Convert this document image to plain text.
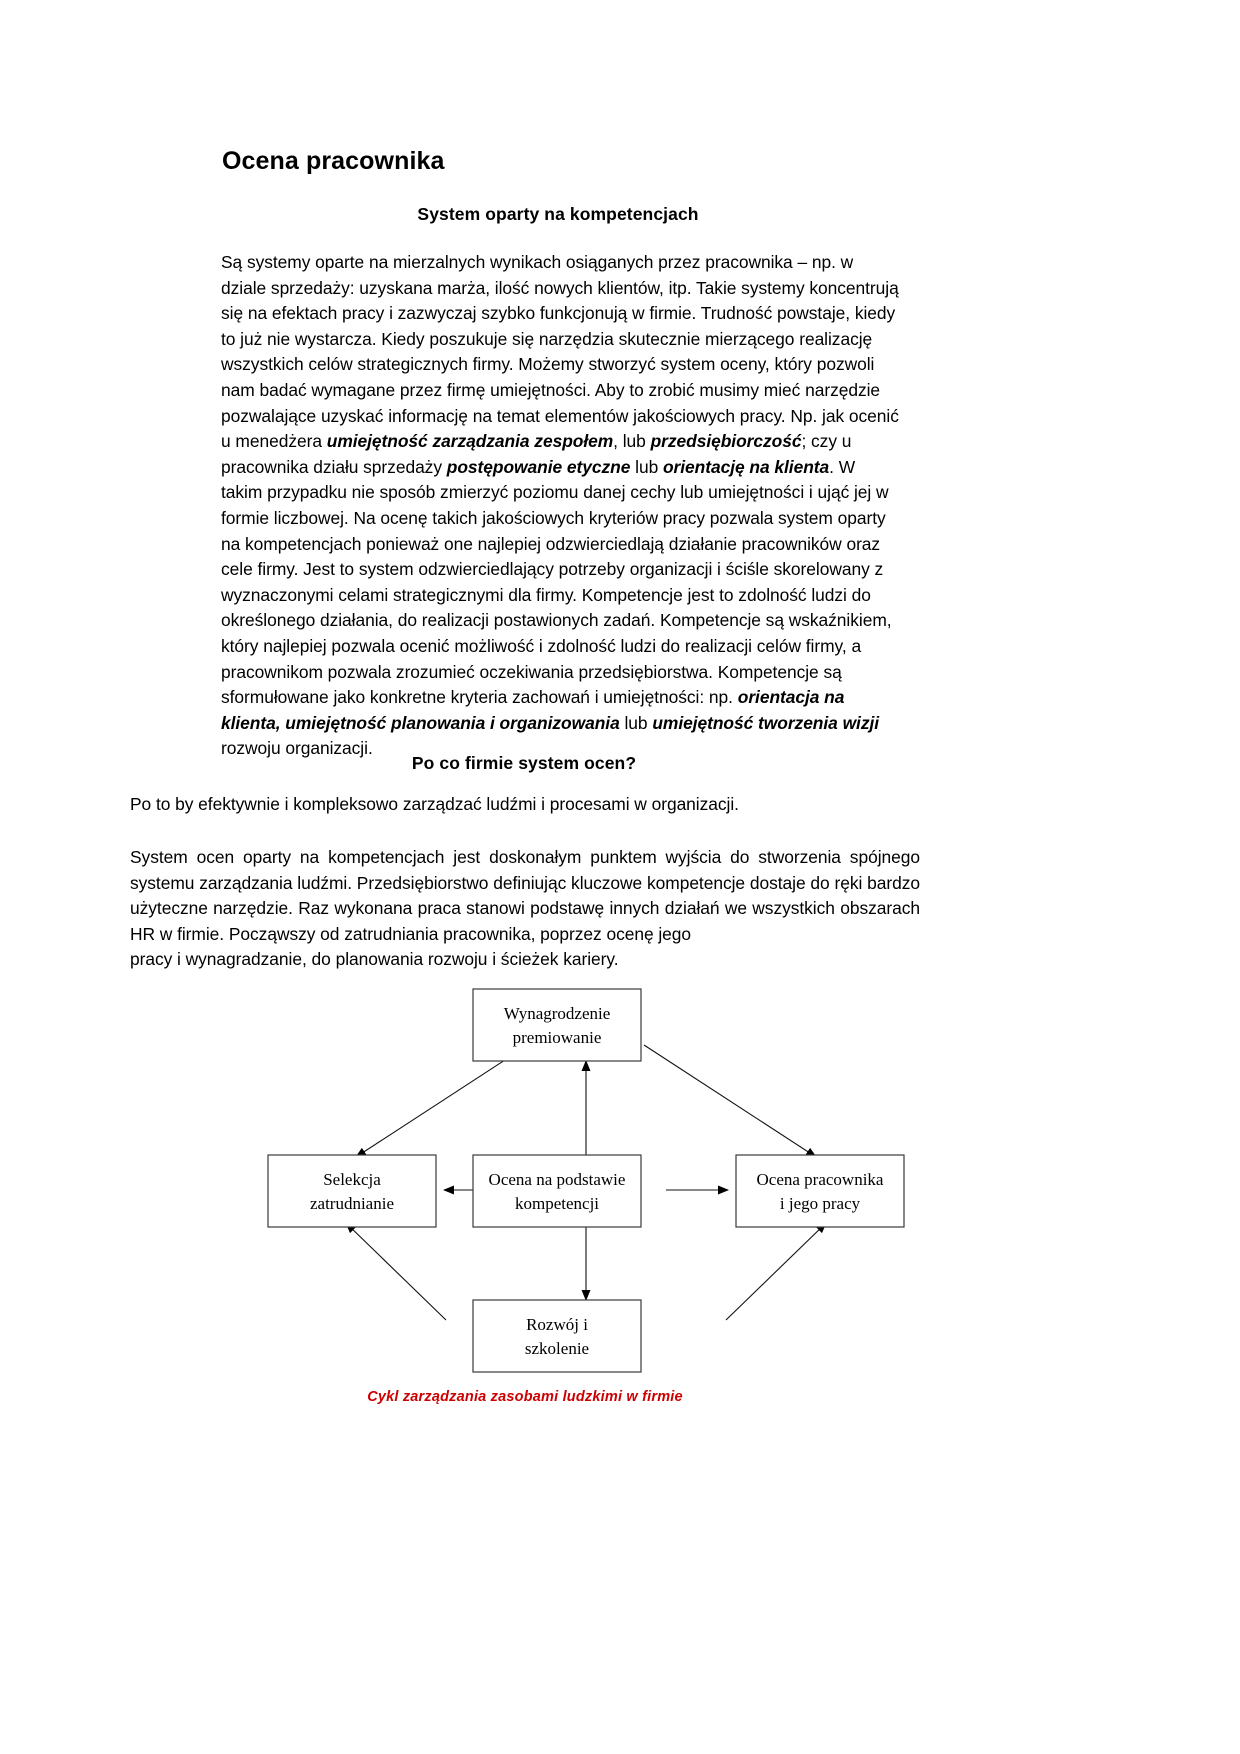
Ocena pracownika
System oparty na kompetencjach
Są systemy oparte na mierzalnych wynikach osiąganych przez pracownika – np. w dziale sprzedaży: uzyskana marża, ilość nowych klientów, itp. Takie systemy koncentrują się na efektach pracy i zazwyczaj szybko funkcjonują w firmie. Trudność powstaje, kiedy to już nie wystarcza. Kiedy poszukuje się narzędzia skutecznie mierzącego realizację wszystkich celów strategicznych firmy. Możemy stworzyć system oceny, który pozwoli nam badać wymagane przez firmę umiejętności. Aby to zrobić musimy mieć narzędzie pozwalające uzyskać informację na temat elementów jakościowych pracy. Np. jak ocenić u menedżera umiejętność zarządzania zespołem, lub przedsiębiorczość; czy u pracownika działu sprzedaży postępowanie etyczne lub orientację na klienta. W takim przypadku nie sposób zmierzyć poziomu danej cechy lub umiejętności i ująć jej w formie liczbowej. Na ocenę takich jakościowych kryteriów pracy pozwala system oparty na kompetencjach ponieważ one najlepiej odzwierciedlają działanie pracowników oraz cele firmy. Jest to system odzwierciedlający potrzeby organizacji i ściśle skorelowany z wyznaczonymi celami strategicznymi dla firmy. Kompetencje jest to zdolność ludzi do określonego działania, do realizacji postawionych zadań. Kompetencje są wskaźnikiem, który najlepiej pozwala ocenić możliwość i zdolność ludzi do realizacji celów firmy, a pracownikom pozwala zrozumieć oczekiwania przedsiębiorstwa. Kompetencje są sformułowane jako konkretne kryteria zachowań i umiejętności: np. orientacja na klienta, umiejętność planowania i organizowania lub umiejętność tworzenia wizji rozwoju organizacji.
Po co firmie system ocen?
Po to by efektywnie i kompleksowo zarządzać ludźmi i procesami w organizacji.
System ocen oparty na kompetencjach jest doskonałym punktem wyjścia do stworzenia spójnego systemu zarządzania ludźmi. Przedsiębiorstwo definiując kluczowe kompetencje dostaje do ręki bardzo użyteczne narzędzie. Raz wykonana praca stanowi podstawę innych działań we wszystkich obszarach HR w firmie. Począwszy od zatrudniania pracownika, poprzez ocenę jego
pracy i wynagradzanie, do planowania rozwoju i ścieżek kariery.
Wynagrodzenie
premiowanie
Selekcja
zatrudnianie
Ocena na podstawie
kompetencji
Ocena pracownika
i jego pracy
Rozwój i
szkolenie
Cykl zarządzania zasobami ludzkimi w firmie
